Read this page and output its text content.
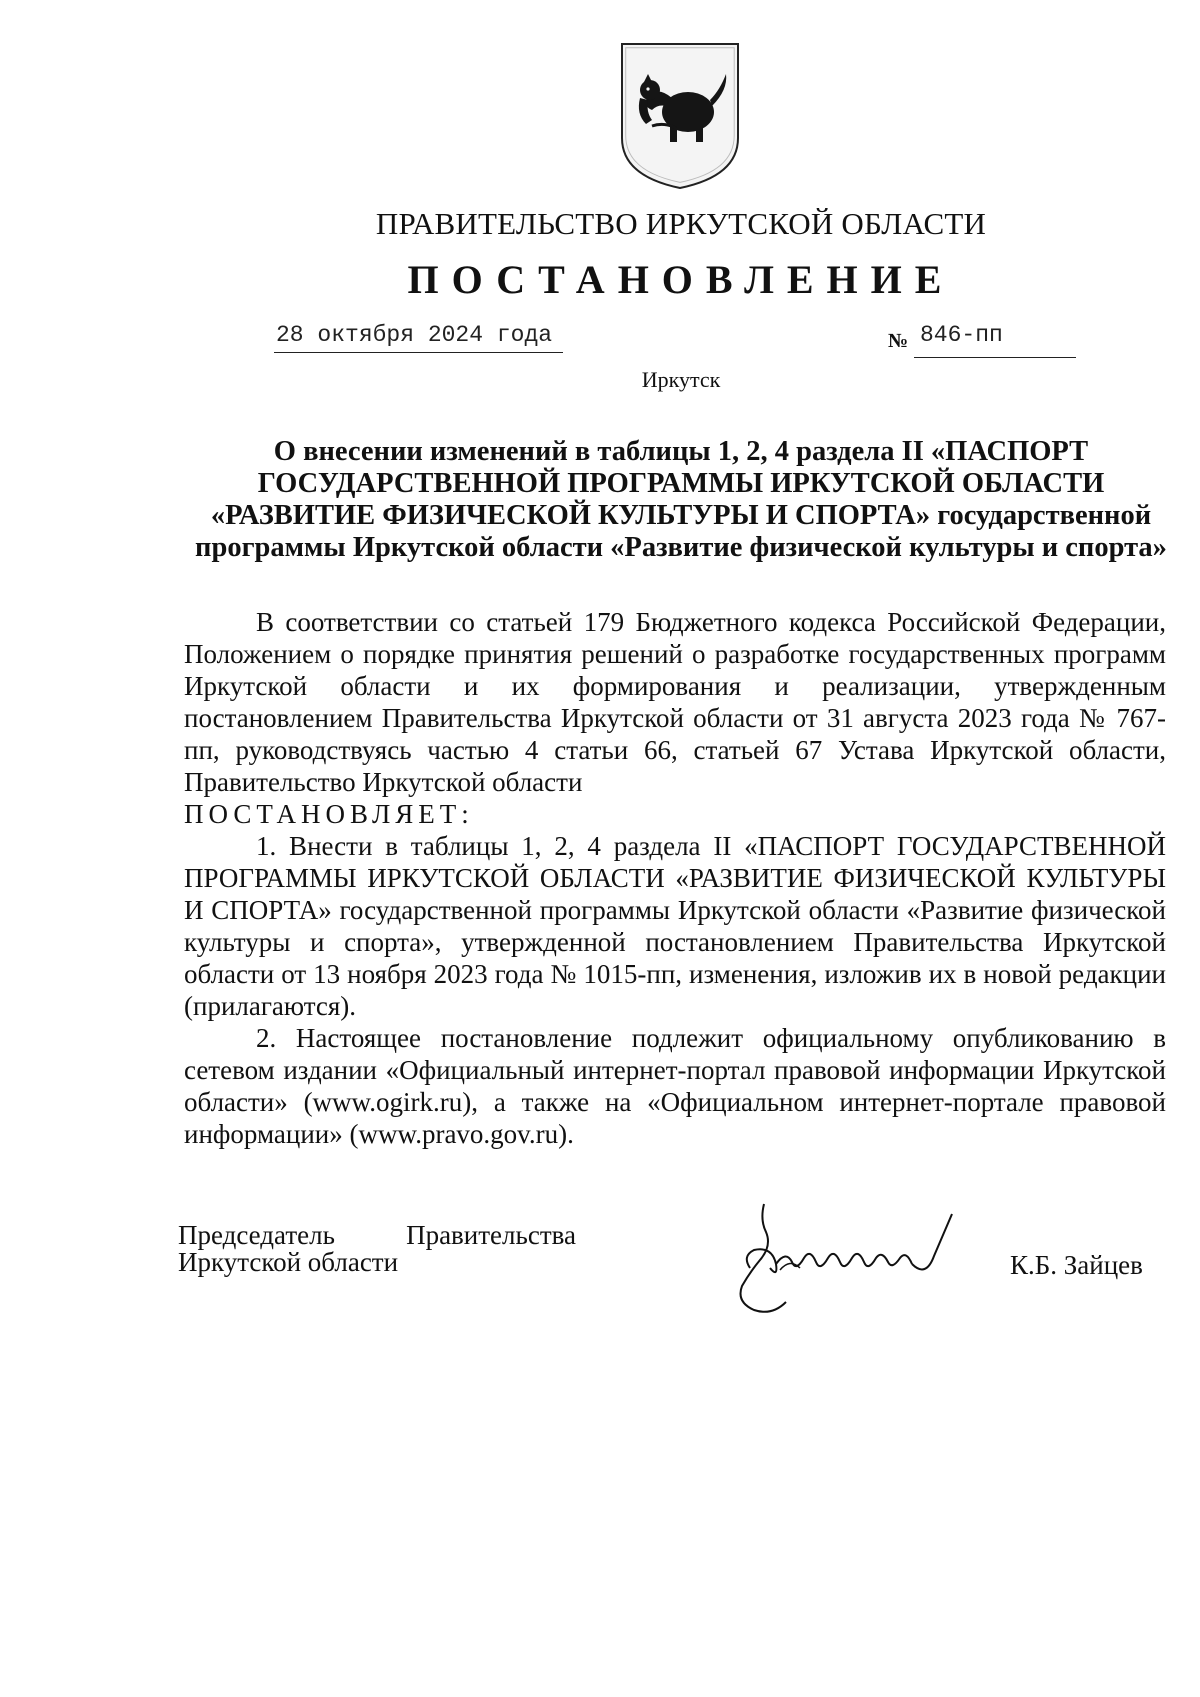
ПРАВИТЕЛЬСТВО ИРКУТСКОЙ ОБЛАСТИ
ПОСТАНОВЛЕНИЕ
28 октября 2024 года	№ 846-пп
Иркутск
О внесении изменений в таблицы 1, 2, 4 раздела II «ПАСПОРТ ГОСУДАРСТВЕННОЙ ПРОГРАММЫ ИРКУТСКОЙ ОБЛАСТИ «РАЗВИТИЕ ФИЗИЧЕСКОЙ КУЛЬТУРЫ И СПОРТА» государственной программы Иркутской области «Развитие физической культуры и спорта»

В соответствии со статьей 179 Бюджетного кодекса Российской Федерации, Положением о порядке принятия решений о разработке государственных программ Иркутской области и их формирования и реализации, утвержденным постановлением Правительства Иркутской области от 31 августа 2023 года № 767-пп, руководствуясь частью 4 статьи 66, статьей 67 Устава Иркутской области, Правительство Иркутской области

ПОСТАНОВЛЯЕТ:

1. Внести в таблицы 1, 2, 4 раздела II «ПАСПОРТ ГОСУДАРСТВЕННОЙ ПРОГРАММЫ ИРКУТСКОЙ ОБЛАСТИ «РАЗВИТИЕ ФИЗИЧЕСКОЙ КУЛЬТУРЫ И СПОРТА» государственной программы Иркутской области «Развитие физической культуры и спорта», утвержденной постановлением Правительства Иркутской области от 13 ноября 2023 года № 1015-пп, изменения, изложив их в новой редакции (прилагаются).

2. Настоящее постановление подлежит официальному опубликованию в сетевом издании «Официальный интернет-портал правовой информации Иркутской области» (www.ogirk.ru), а также на «Официальном интернет-портале правовой информации» (www.pravo.gov.ru).

Председатель	Правительства
Иркутской области	К.Б. Зайцев
